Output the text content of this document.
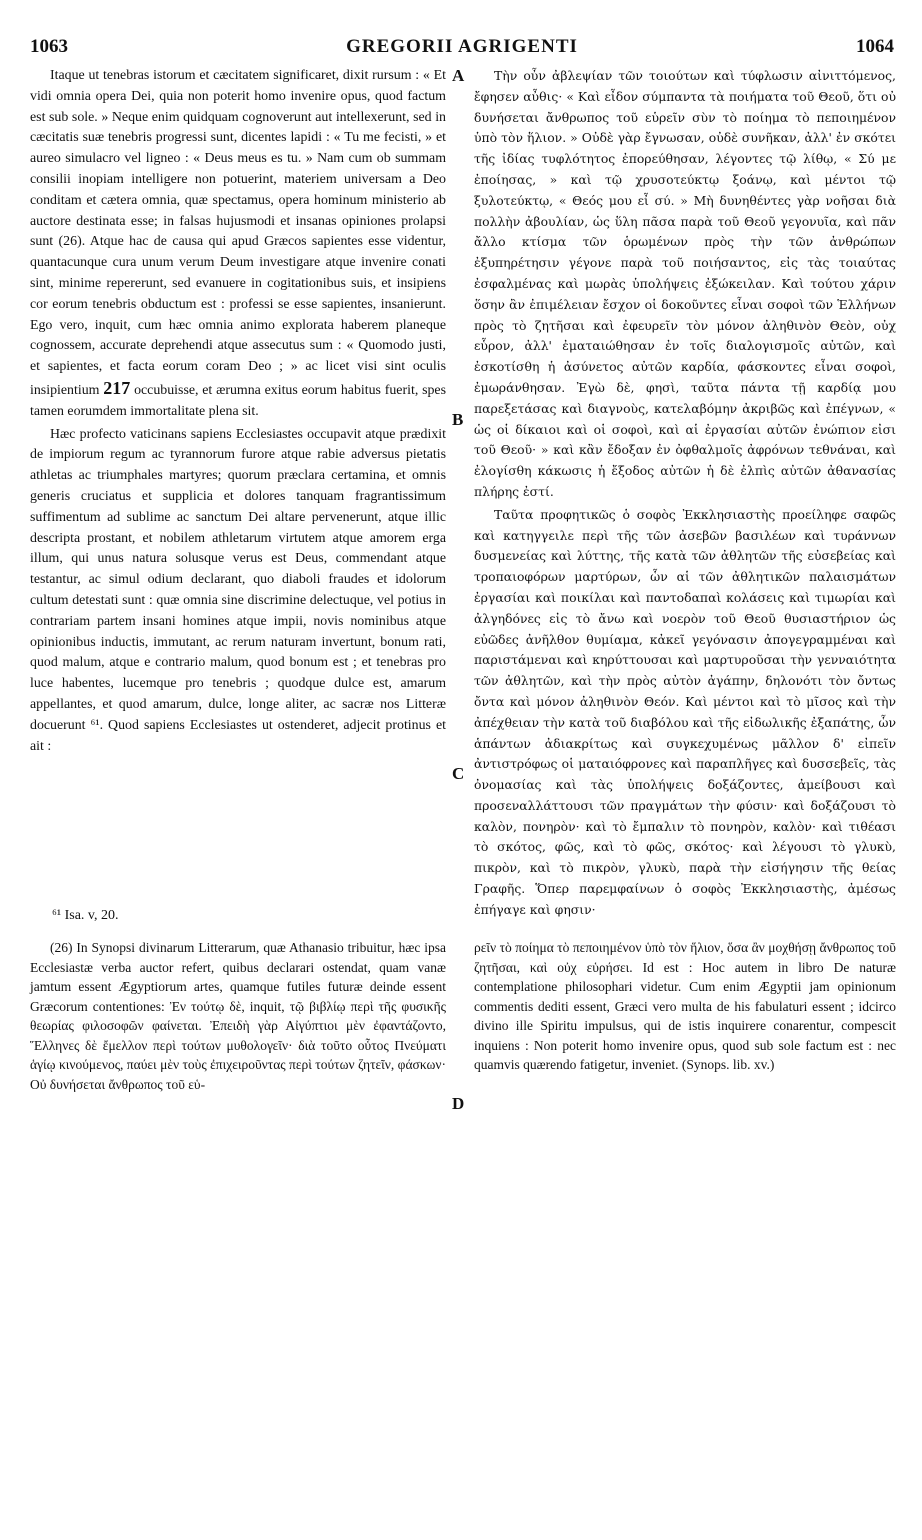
1063	GREGORII AGRIGENTI	1064

Itaque ut tenebras istorum et cæcitatem significaret, dixit rursum : « Et vidi omnia opera Dei, quia non poterit homo invenire opus, quod factum est sub sole. » Neque enim quidquam cognoverunt aut intellexerunt, sed in cæcitatis suæ tenebris progressi sunt, dicentes lapidi : « Tu me fecisti, » et aureo simulacro vel ligneo : « Deus meus es tu. » Nam cum ob summam consilii inopiam intelligere non potuerint, materiem universam a Deo conditam et cætera omnia, quæ spectamus, opera hominum ministerio ab auctore destinata esse; in falsas hujusmodi et insanas opiniones prolapsi sunt (26). Atque hac de causa qui apud Græcos sapientes esse videntur, quantacunque cura unum verum Deum investigare atque invenire conati sint, minime repererunt, sed evanuere in cogitationibus suis, et insipiens cor eorum tenebris obductum est : professi se esse sapientes, insanierunt. Ego vero, inquit, cum hæc omnia animo explorata haberem planeque cognossem, accurate deprehendi atque assecutus sum : « Quomodo justi, et sapientes, et facta eorum coram Deo ; » ac licet visi sint oculis insipientium 217 occubuisse, et ærumna exitus eorum habitus fuerit, spes tamen eorumdem immortalitate plena sit.

Hæc profecto vaticinans sapiens Ecclesiastes occupavit atque prædixit de impiorum regum ac tyrannorum furore atque rabie adversus pietatis athletas ac triumphales martyres; quorum præclara certamina, et omnis generis cruciatus et supplicia et dolores tanquam fragrantissimum suffimentum ad sublime ac sanctum Dei altare pervenerunt, atque illic descripta prostant, et nobilem athletarum virtutem atque amorem erga illum, qui unus natura solusque verus est Deus, commendant atque testantur, ac simul odium declarant, quo diaboli fraudes et idolorum cultum detestati sunt : quæ omnia sine discrimine delectuque, vel potius in contrariam partem insani homines atque impii, novis nominibus atque opinionibus inductis, immutant, ac rerum naturam invertunt, bonum rati, quod malum, atque e contrario malum, quod bonum est ; et tenebras pro luce habentes, lucemque pro tenebris ; quodque dulce est, amarum appellantes, et quod amarum, dulce, longe aliter, ac sacræ nos Litteræ docuerunt ⁶¹. Quod sapiens Ecclesiastes ut ostenderet, adjecit protinus et ait :

A
B
C
D

Τὴν οὖν ἀβλεψίαν τῶν τοιούτων καὶ τύφλωσιν αἰνιττόμενος, ἔφησεν αὖθις· « Καὶ εἶδον σύμπαντα τὰ ποιήματα τοῦ Θεοῦ, ὅτι οὐ δυνήσεται ἄνθρωπος τοῦ εὑρεῖν σὺν τὸ ποίημα τὸ πεποιημένον ὑπὸ τὸν ἥλιον. » Οὐδὲ γὰρ ἔγνωσαν, οὐδὲ συνῆκαν, ἀλλ' ἐν σκότει τῆς ἰδίας τυφλότητος ἐπορεύθησαν, λέγοντες τῷ λίθῳ, « Σύ με ἐποίησας, » καὶ τῷ χρυσοτεύκτῳ ξοάνῳ, καὶ μέντοι τῷ ξυλοτεύκτῳ, « Θεός μου εἶ σύ. » Μὴ δυνηθέντες γὰρ νοῆσαι διὰ πολλὴν ἀβουλίαν, ὡς ὕλη πᾶσα παρὰ τοῦ Θεοῦ γεγονυῖα, καὶ πᾶν ἄλλο κτίσμα τῶν ὁρωμένων πρὸς τὴν τῶν ἀνθρώπων ἐξυπηρέτησιν γέγονε παρὰ τοῦ ποιήσαντος, εἰς τὰς τοιαύτας ἐσφαλμένας καὶ μωρὰς ὑπολήψεις ἐξώκειλαν. Καὶ τούτου χάριν ὅσην ἂν ἐπιμέλειαν ἔσχον οἱ δοκοῦντες εἶναι σοφοὶ τῶν Ἑλλήνων πρὸς τὸ ζητῆσαι καὶ ἐφευρεῖν τὸν μόνον ἀληθινὸν Θεὸν, οὐχ εὗρον, ἀλλ' ἐματαιώθησαν ἐν τοῖς διαλογισμοῖς αὐτῶν, καὶ ἐσκοτίσθη ἡ ἀσύνετος αὐτῶν καρδία, φάσκοντες εἶναι σοφοὶ, ἐμωράνθησαν. Ἐγὼ δὲ, φησὶ, ταῦτα πάντα τῇ καρδίᾳ μου παρεξετάσας καὶ διαγνοὺς, κατελαβόμην ἀκριβῶς καὶ ἐπέγνων, « ὡς οἱ δίκαιοι καὶ οἱ σοφοὶ, καὶ αἱ ἐργασίαι αὐτῶν ἐνώπιον εἰσι τοῦ Θεοῦ· » καὶ κἂν ἔδοξαν ἐν ὀφθαλμοῖς ἀφρόνων τεθνάναι, καὶ ἐλογίσθη κάκωσις ἡ ἔξοδος αὐτῶν ἡ δὲ ἐλπὶς αὐτῶν ἀθανασίας πλήρης ἐστί.

Ταῦτα προφητικῶς ὁ σοφὸς Ἐκκλησιαστὴς προείληφε σαφῶς καὶ κατηγγειλε περὶ τῆς τῶν ἀσεβῶν βασιλέων καὶ τυράννων δυσμενείας καὶ λύττης, τῆς κατὰ τῶν ἀθλητῶν τῆς εὐσεβείας καὶ τροπαιοφόρων μαρτύρων, ὧν αἱ τῶν ἀθλητικῶν παλαισμάτων ἐργασίαι καὶ ποικίλαι καὶ παντοδαπαὶ κολάσεις καὶ τιμωρίαι καὶ ἀλγηδόνες εἰς τὸ ἄνω καὶ νοερὸν τοῦ Θεοῦ θυσιαστήριον ὡς εὐῶδες ἀνῆλθον θυμίαμα, κἀκεῖ γεγόνασιν ἀπογεγραμμέναι καὶ παριστάμεναι καὶ κηρύττουσαι καὶ μαρτυροῦσαι τὴν γενναιότητα τῶν ἀθλητῶν, καὶ τὴν πρὸς αὐτὸν ἀγάπην, δηλονότι τὸν ὄντως ὄντα καὶ μόνον ἀληθινὸν Θεόν. Καὶ μέντοι καὶ τὸ μῖσος καὶ τὴν ἀπέχθειαν τὴν κατὰ τοῦ διαβόλου καὶ τῆς εἰδωλικῆς ἐξαπάτης, ὧν ἁπάντων ἀδιακρίτως καὶ συγκεχυμένως μᾶλλον δ' εἰπεῖν ἀντιστρόφως οἱ ματαιόφρονες καὶ παραπλῆγες καὶ δυσσεβεῖς, τὰς ὀνομασίας καὶ τὰς ὑπολήψεις δοξάζοντες, ἀμείβουσι καὶ προσεναλλάττουσι τῶν πραγμάτων τὴν φύσιν· καὶ δοξάζουσι τὸ καλὸν, πονηρὸν· καὶ τὸ ἔμπαλιν τὸ πονηρὸν, καλὸν· καὶ τιθέασι τὸ σκότος, φῶς, καὶ τὸ φῶς, σκότος· καὶ λέγουσι τὸ γλυκὺ, πικρὸν, καὶ τὸ πικρὸν, γλυκὺ, παρὰ τὴν εἰσήγησιν τῆς θείας Γραφῆς. Ὅπερ παρεμφαίνων ὁ σοφὸς Ἐκκλησιαστὴς, ἀμέσως ἐπήγαγε καὶ φησιν·

⁶¹ Isa. v, 20.

(26) In Synopsi divinarum Litterarum, quæ Athanasio tribuitur, hæc ipsa Ecclesiastæ verba auctor refert, quibus declarari ostendat, quam vanæ jamtum essent Ægyptiorum artes, quamque futiles futuræ deinde essent Græcorum contentiones: Ἐν τούτῳ δὲ, inquit, τῷ βιβλίῳ περὶ τῆς φυσικῆς θεωρίας φιλοσοφῶν φαίνεται. Ἐπειδὴ γὰρ Αἰγύπτιοι μὲν ἐφαντάζοντο, Ἕλληνες δὲ ἔμελλον περὶ τούτων μυθολογεῖν· διὰ τοῦτο οὗτος Πνεύματι ἁγίῳ κινούμενος, παύει μὲν τοὺς ἐπιχειροῦντας περὶ τούτων ζητεῖν, φάσκων· Οὐ δυνήσεται ἄνθρωπος τοῦ εὑ-

ρεῖν τὸ ποίημα τὸ πεποιημένον ὑπὸ τὸν ἥλιον, ὅσα ἂν μοχθήσῃ ἄνθρωπος τοῦ ζητῆσαι, καὶ οὐχ εὑρήσει. Id est : Hoc autem in libro De naturæ contemplatione philosophari videtur. Cum enim Ægyptii jam opinionum commentis dediti essent, Græci vero multa de his fabulaturi essent ; idcirco divino ille Spiritu impulsus, qui de istis inquirere conarentur, compescit inquiens : Non poterit homo invenire opus, quod sub sole factum est : nec quamvis quærendo fatigetur, inveniet. (Synops. lib. xv.)
